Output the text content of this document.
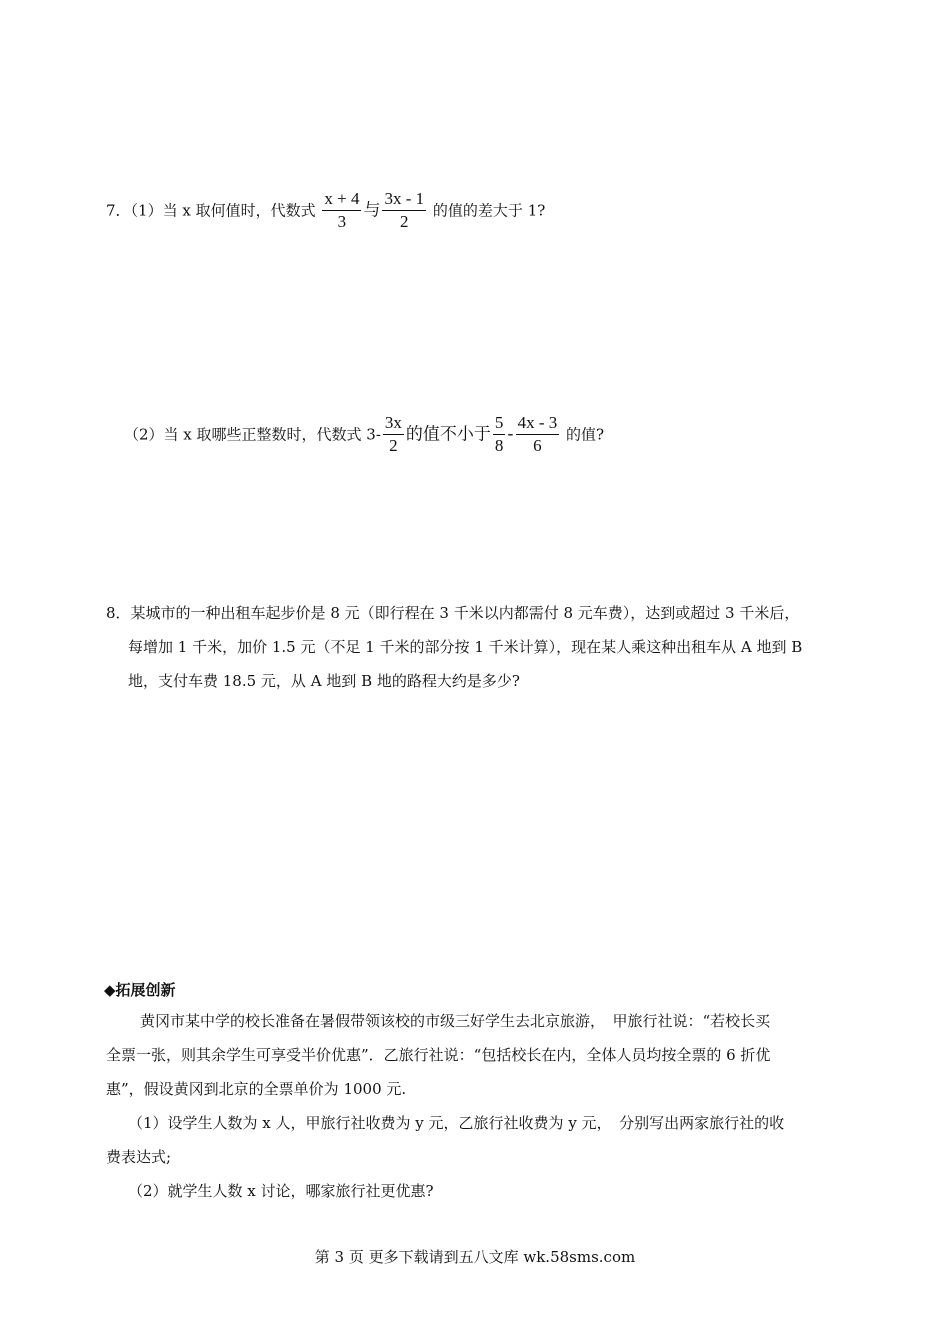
7．（1）当 x 取何值时，代数式 $\frac{x + 4}{3}$ 与 $\frac{3x - 1}{2}$ 的值的差大于 1?
（2）当 x 取哪些正整数时，代数式 $3- \frac{3x}{2}$ 的值不小于 $\frac{5}{8} - \frac{4x - 3}{6}$ 的值?
8．某城市的一种出租车起步价是 8 元（即行程在 3 千米以内都需付 8 元车费），达到或超过 3 千米后，
每增加 1 千米，加价 1.5 元（不足 1 千米的部分按 1 千米计算），现在某人乘这种出租车从 A 地到 B
地，支付车费 18.5 元，从 A 地到 B 地的路程大约是多少?
◆拓展创新
黄冈市某中学的校长准备在暑假带领该校的市级三好学生去北京旅游，　甲旅行社说：“若校长买
全票一张，则其余学生可享受半价优惠”．乙旅行社说：“包括校长在内，全体人员均按全票的 6 折优
惠”，假设黄冈到北京的全票单价为 1000 元.
（1）设学生人数为 x 人，甲旅行社收费为 y 元，乙旅行社收费为 y 元，　分别写出两家旅行社的收
费表达式;
（2）就学生人数 x 讨论，哪家旅行社更优惠?
第 3 页 更多下载请到五八文库 wk.58sms.com
